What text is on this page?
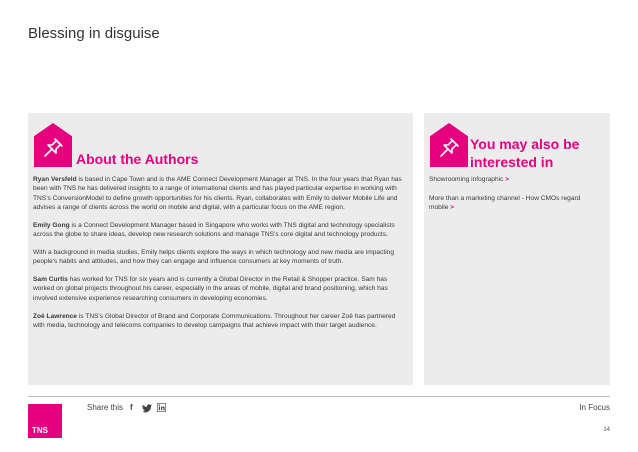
Blessing in disguise
About the Authors

Ryan Versfeld is based in Cape Town and is the AME Connect Development Manager at TNS. In the four years that Ryan has been with TNS he has delivered insights to a range of international clients and has played particular expertise in working with TNS's ConversionModel to define growth opportunities for his clients. Ryan, collaborates with Emily to deliver Mobile Life and advises a range of clients across the world on mobile and digital, with a particular focus on the AME region.

Emily Gong is a Connect Development Manager based in Singapore who works with TNS digital and technology specialists across the globe to share ideas, develop new research solutions and manage TNS's core digital and technology products.

With a background in media studies, Emily helps clients explore the ways in which technology and new media are impacting people's habits and attitudes, and how they can engage and influence consumers at key moments of truth.

Sam Curtis has worked for TNS for six years and is currently a Global Director in the Retail & Shopper practice. Sam has worked on global projects throughout his career, especially in the areas of mobile, digital and brand positioning, which has involved extensive experience researching consumers in developing economies.

Zoë Lawrence is TNS's Global Director of Brand and Corporate Communications. Throughout her career Zoë has partnered with media, technology and telecoms companies to develop campaigns that achieve impact with their target audience.

You may also be interested in
Showrooming infographic >
More than a marketing channel - How CMOs regard mobile >
TNS
Share this f	In Focus
14
